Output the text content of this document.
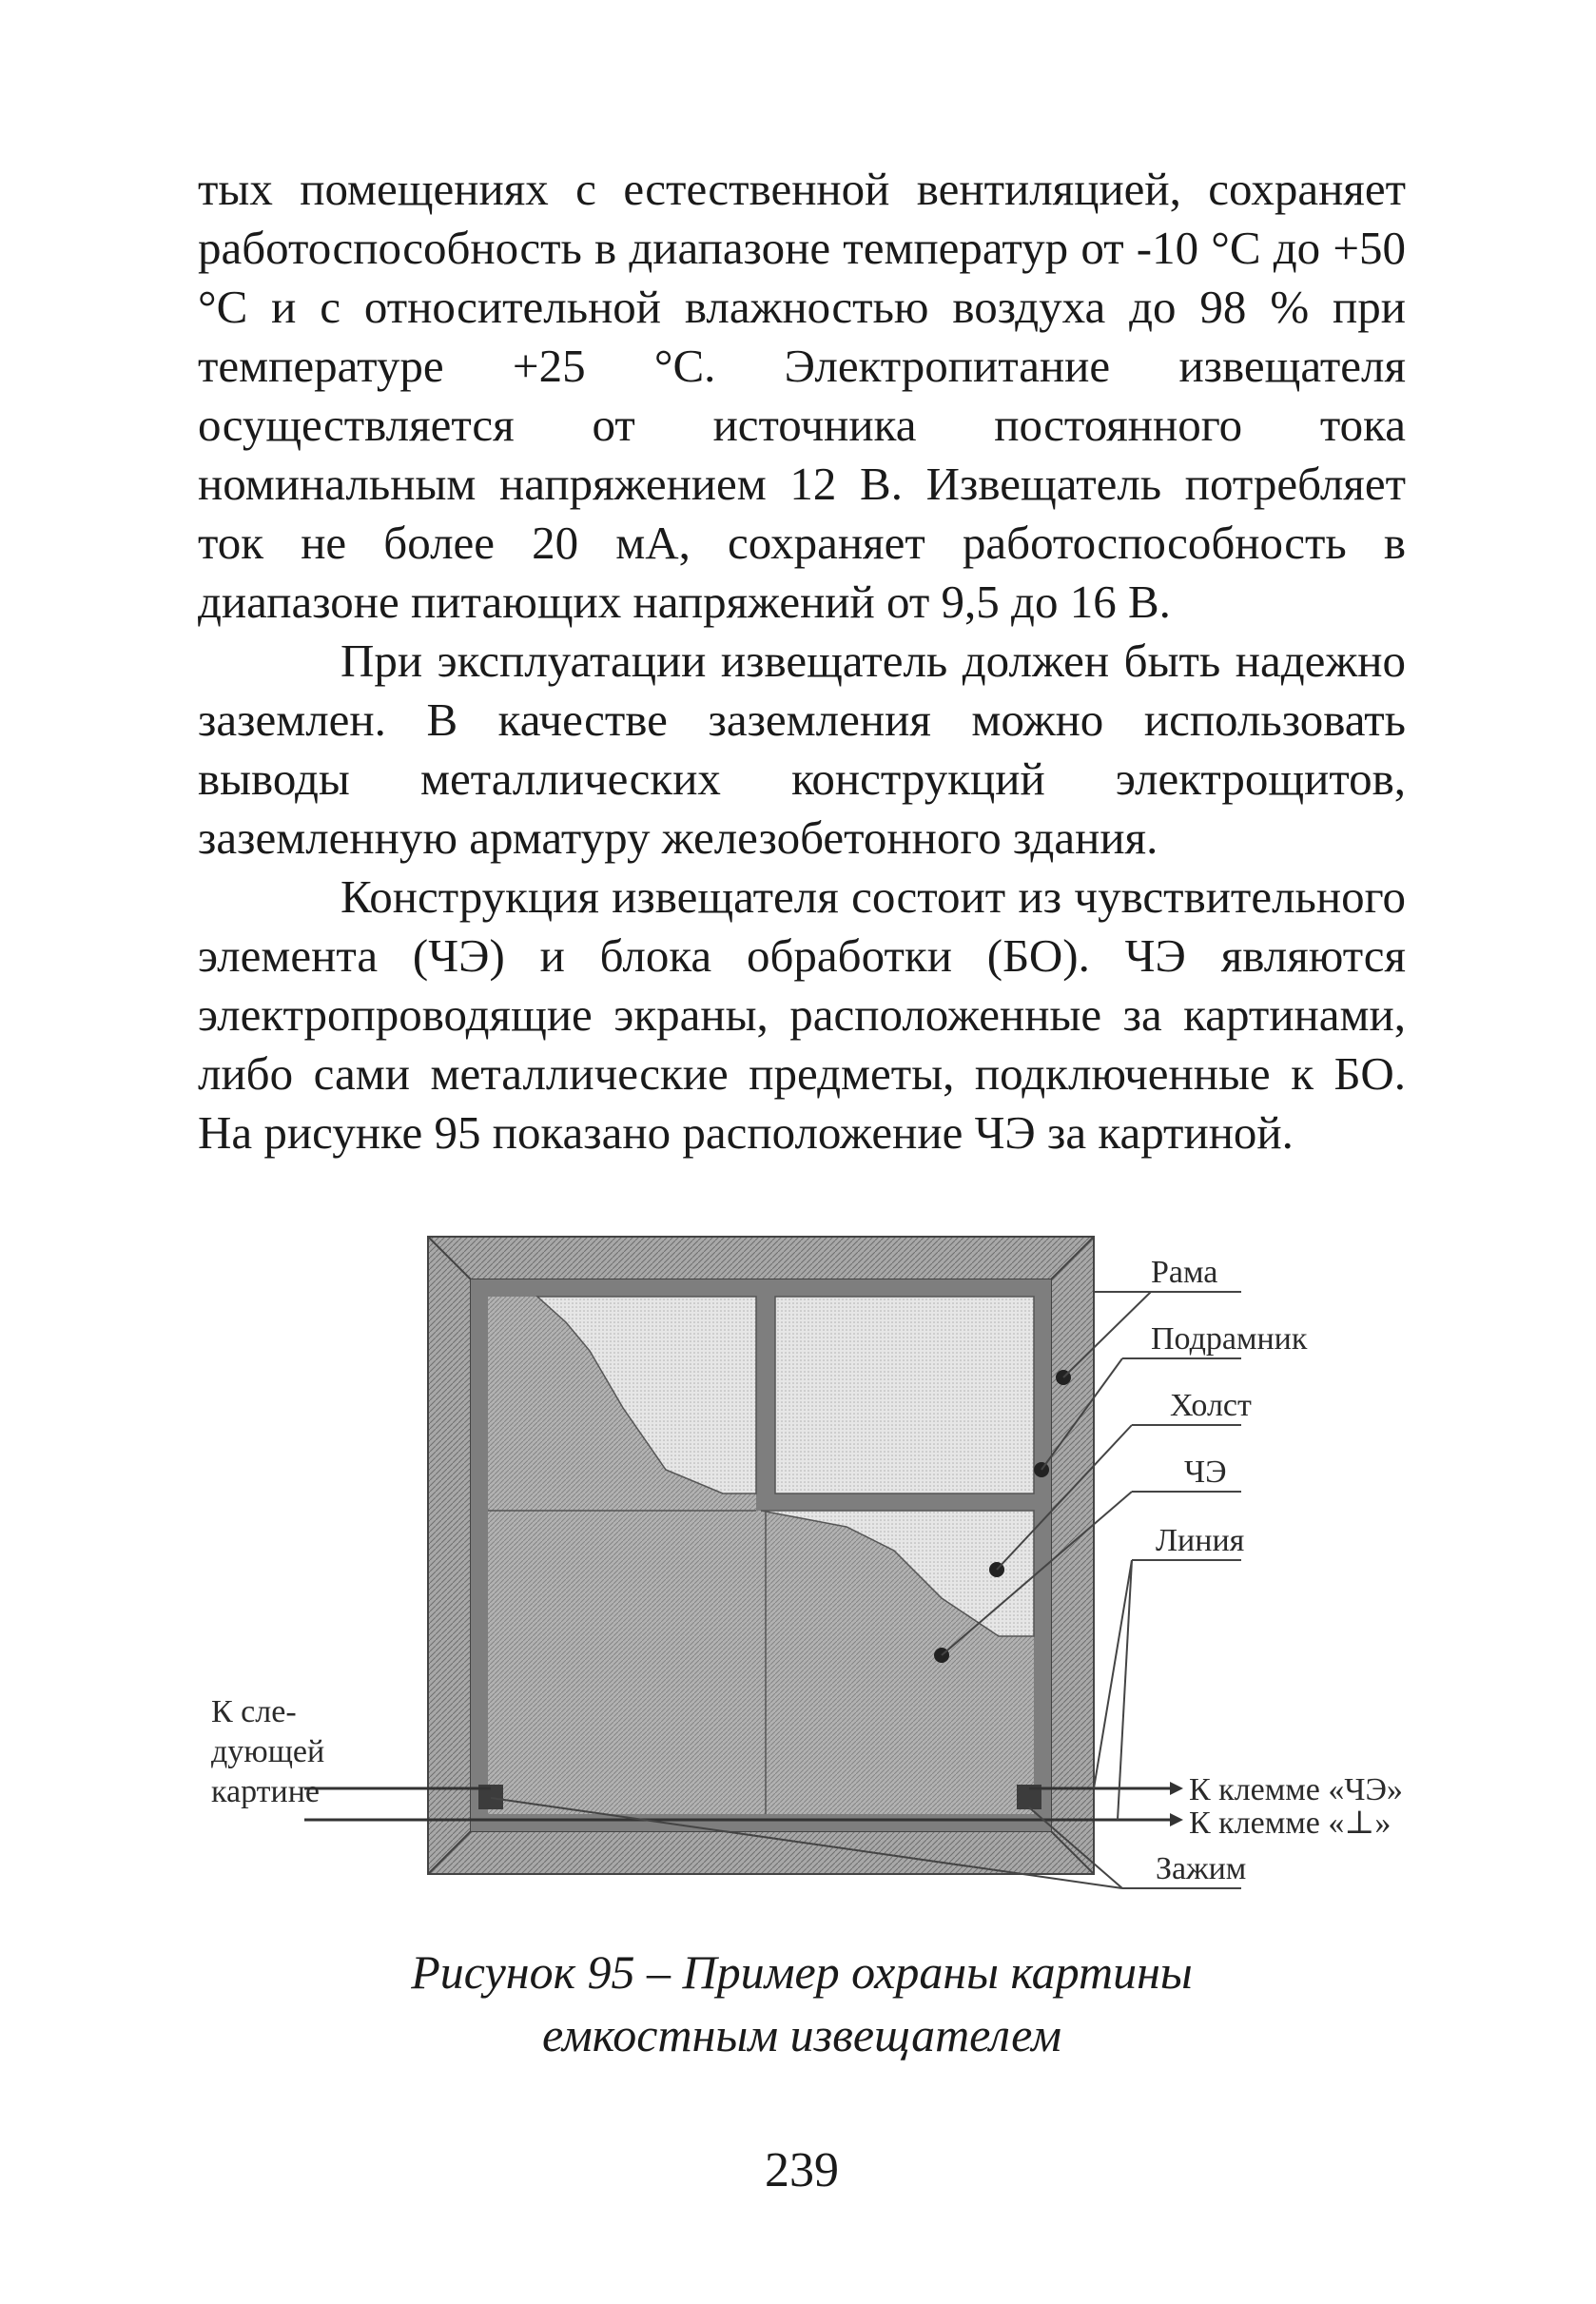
тых помещениях с естественной вентиляцией, сохраняет работоспособность в диапазоне температур от -10 °С до +50 °С и с относительной влажностью воздуха до 98 % при температуре +25 °С. Электропитание извещателя осуществляется от источника постоянного тока номинальным напряжением 12 В. Извещатель потребляет ток не более 20 мА, сохраняет работоспособность в диапазоне питающих напряжений от 9,5 до 16 В.

При эксплуатации извещатель должен быть надежно заземлен. В качестве заземления можно использовать выводы металлических конструкций электрощитов, заземленную арматуру железобетонного здания.

Конструкция извещателя состоит из чувствительного элемента (ЧЭ) и блока обработки (БО). ЧЭ являются электропроводящие экраны, расположенные за картинами, либо сами металлические предметы, подключенные к БО. На рисунке 95 показано расположение ЧЭ за картиной.

Рама
Подрамник
Холст
ЧЭ
Линия
К клемме «ЧЭ»
К клемме «⊥»
Зажим
К сле-
дующей
картине
Рисунок 95 – Пример охраны картины
емкостным извещателем
239
